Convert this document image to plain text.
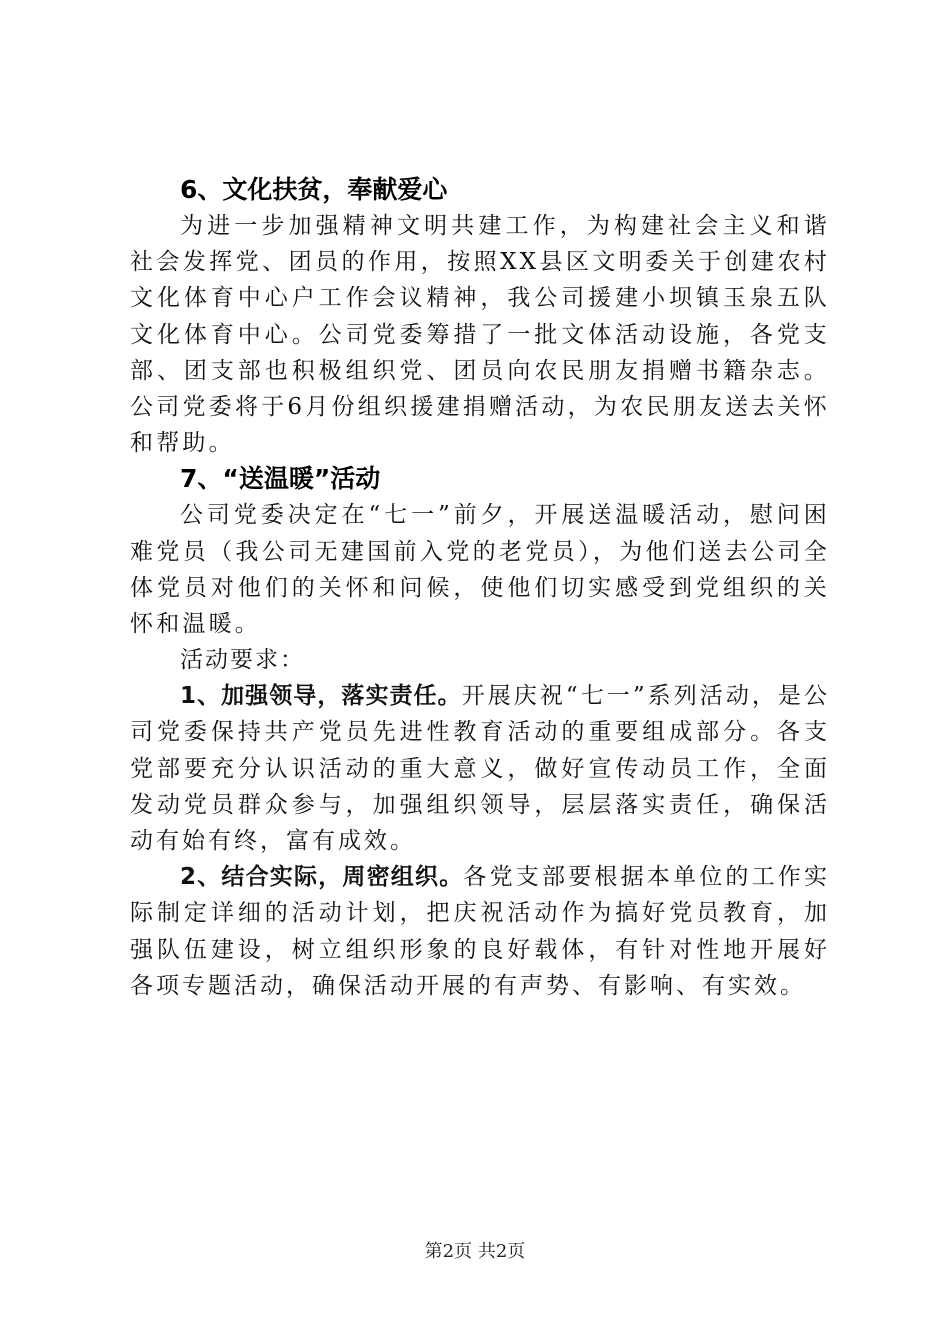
6、文化扶贫，奉献爱心

为进一步加强精神文明共建工作，为构建社会主义和谐社会发挥党、团员的作用，按照XX县区文明委关于创建农村文化体育中心户工作会议精神，我公司援建小坝镇玉泉五队文化体育中心。公司党委筹措了一批文体活动设施，各党支部、团支部也积极组织党、团员向农民朋友捐赠书籍杂志。公司党委将于6月份组织援建捐赠活动，为农民朋友送去关怀和帮助。

7、“送温暖”活动

公司党委决定在“七一”前夕，开展送温暖活动，慰问困难党员（我公司无建国前入党的老党员），为他们送去公司全体党员对他们的关怀和问候，使他们切实感受到党组织的关怀和温暖。

活动要求：

1、加强领导，落实责任。开展庆祝“七一”系列活动，是公司党委保持共产党员先进性教育活动的重要组成部分。各支党部要充分认识活动的重大意义，做好宣传动员工作，全面发动党员群众参与，加强组织领导，层层落实责任，确保活动有始有终，富有成效。

2、结合实际，周密组织。各党支部要根据本单位的工作实际制定详细的活动计划，把庆祝活动作为搞好党员教育，加强队伍建设，树立组织形象的良好载体，有针对性地开展好各项专题活动，确保活动开展的有声势、有影响、有实效。

第2页 共2页
